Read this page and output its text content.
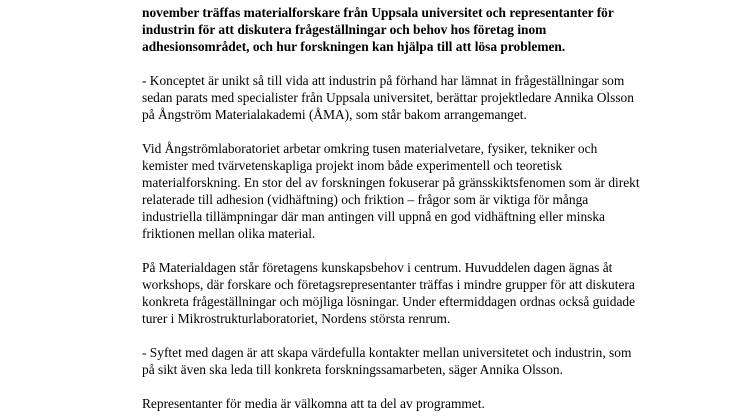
november träffas materialforskare från Uppsala universitet och representanter för
industrin för att diskutera frågeställningar och behov hos företag inom
adhesionsområdet, och hur forskningen kan hjälpa till att lösa problemen.
- Konceptet är unikt så till vida att industrin på förhand har lämnat in frågeställningar som
sedan parats med specialister från Uppsala universitet, berättar projektledare Annika Olsson
på Ångström Materialakademi (ÅMA), som står bakom arrangemanget.
Vid Ångströmlaboratoriet arbetar omkring tusen materialvetare, fysiker, tekniker och
kemister med tvärvetenskapliga projekt inom både experimentell och teoretisk
materialforskning. En stor del av forskningen fokuserar på gränsskiktsfenomen som är direkt
relaterade till adhesion (vidhäftning) och friktion – frågor som är viktiga för många
industriella tillämpningar där man antingen vill uppnå en god vidhäftning eller minska
friktionen mellan olika material.
På Materialdagen står företagens kunskapsbehov i centrum. Huvuddelen dagen ägnas åt
workshops, där forskare och företagsrepresentanter träffas i mindre grupper för att diskutera
konkreta frågeställningar och möjliga lösningar. Under eftermiddagen ordnas också guidade
turer i Mikrostrukturlaboratoriet, Nordens största renrum.
- Syftet med dagen är att skapa värdefulla kontakter mellan universitetet och industrin, som
på sikt även ska leda till konkreta forskningssamarbeten, säger Annika Olsson.
Representanter för media är välkomna att ta del av programmet.
